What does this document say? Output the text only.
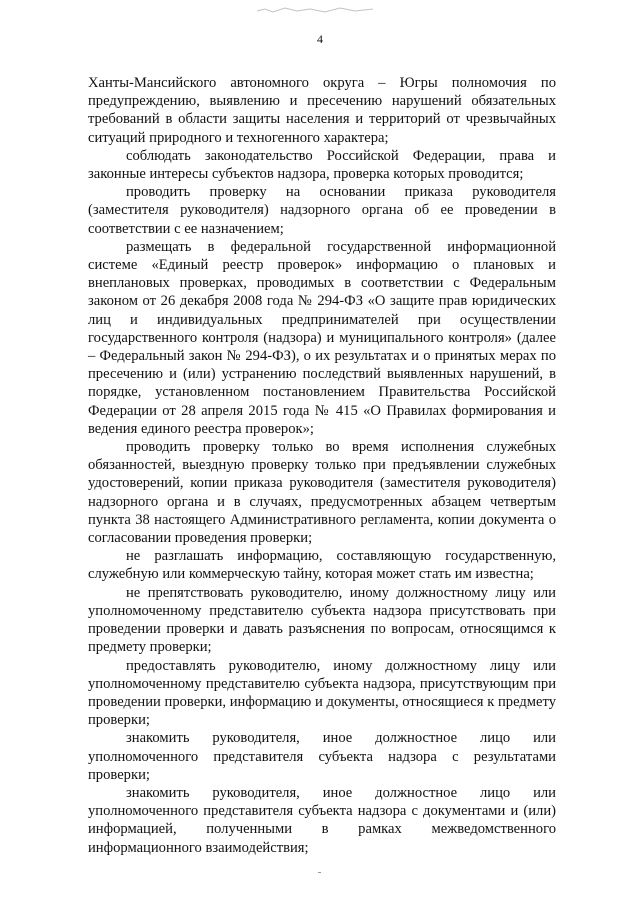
4

Ханты-Мансийского автономного округа – Югры полномочия по предупреждению, выявлению и пресечению нарушений обязательных требований в области защиты населения и территорий от чрезвычайных ситуаций природного и техногенного характера;

соблюдать законодательство Российской Федерации, права и законные интересы субъектов надзора, проверка которых проводится;

проводить проверку на основании приказа руководителя (заместителя руководителя) надзорного органа об ее проведении в соответствии с ее назначением;

размещать в федеральной государственной информационной системе «Единый реестр проверок» информацию о плановых и внеплановых проверках, проводимых в соответствии с Федеральным законом от 26 декабря 2008 года № 294-ФЗ «О защите прав юридических лиц и индивидуальных предпринимателей при осуществлении государственного контроля (надзора) и муниципального контроля» (далее – Федеральный закон № 294-ФЗ), о их результатах и о принятых мерах по пресечению и (или) устранению последствий выявленных нарушений, в порядке, установленном постановлением Правительства Российской Федерации от 28 апреля 2015 года № 415 «О Правилах формирования и ведения единого реестра проверок»;

проводить проверку только во время исполнения служебных обязанностей, выездную проверку только при предъявлении служебных удостоверений, копии приказа руководителя (заместителя руководителя) надзорного органа и в случаях, предусмотренных абзацем четвертым пункта 38 настоящего Административного регламента, копии документа о согласовании проведения проверки;

не разглашать информацию, составляющую государственную, служебную или коммерческую тайну, которая может стать им известна;

не препятствовать руководителю, иному должностному лицу или уполномоченному представителю субъекта надзора присутствовать при проведении проверки и давать разъяснения по вопросам, относящимся к предмету проверки;

предоставлять руководителю, иному должностному лицу или уполномоченному представителю субъекта надзора, присутствующим при проведении проверки, информацию и документы, относящиеся к предмету проверки;

знакомить руководителя, иное должностное лицо или уполномоченного представителя субъекта надзора с результатами проверки;

знакомить руководителя, иное должностное лицо или уполномоченного представителя субъекта надзора с документами и (или) информацией, полученными в рамках межведомственного информационного взаимодействия;
